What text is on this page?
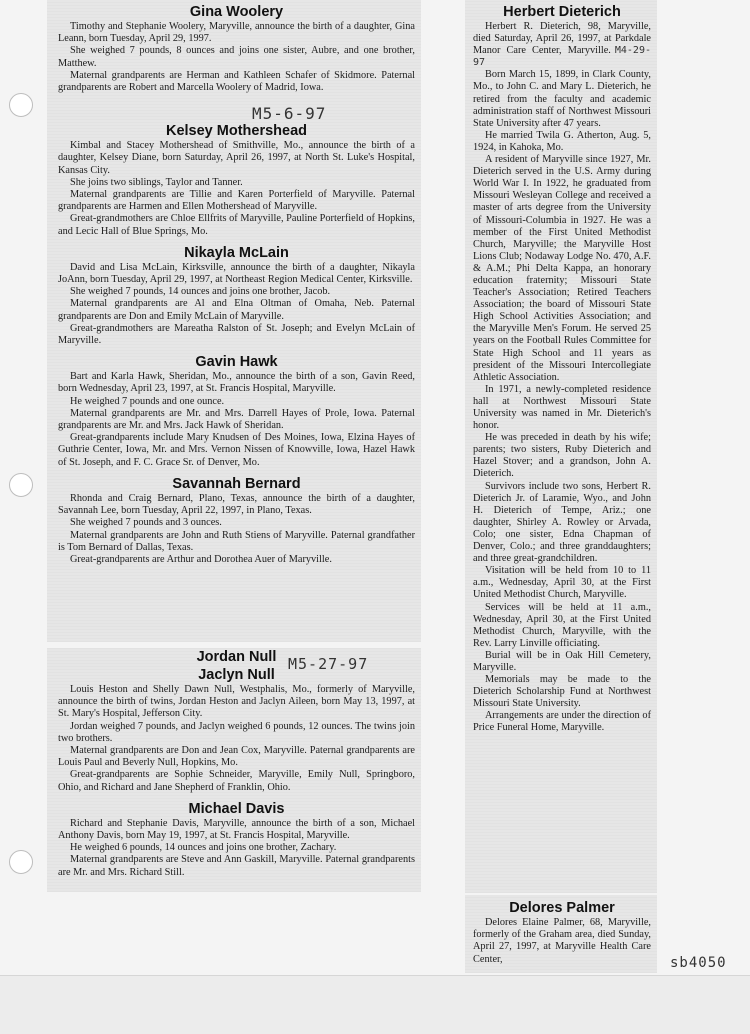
Gina Woolery

Timothy and Stephanie Woolery, Maryville, announce the birth of a daughter, Gina Leann, born Tuesday, April 29, 1997.

She weighed 7 pounds, 8 ounces and joins one sister, Aubre, and one brother, Matthew.

Maternal grandparents are Herman and Kathleen Schafer of Skidmore. Paternal grandparents are Robert and Marcella Woolery of Madrid, Iowa.

Kelsey Mothershead

Kimbal and Stacey Mothershead of Smithville, Mo., announce the birth of a daughter, Kelsey Diane, born Saturday, April 26, 1997, at North St. Luke's Hospital, Kansas City.

She joins two siblings, Taylor and Tanner.

Maternal grandparents are Tillie and Karen Porterfield of Maryville. Paternal grandparents are Harmen and Ellen Mothershead of Maryville.

Great-grandmothers are Chloe Ellfrits of Maryville, Pauline Porterfield of Hopkins, and Lecic Hall of Blue Springs, Mo.

Nikayla McLain

David and Lisa McLain, Kirksville, announce the birth of a daughter, Nikayla JoAnn, born Tuesday, April 29, 1997, at Northeast Region Medical Center, Kirksville.

She weighed 7 pounds, 14 ounces and joins one brother, Jacob.

Maternal grandparents are Al and Elna Oltman of Omaha, Neb. Paternal grandparents are Don and Emily McLain of Maryville.

Great-grandmothers are Mareatha Ralston of St. Joseph; and Evelyn McLain of Maryville.

Gavin Hawk

Bart and Karla Hawk, Sheridan, Mo., announce the birth of a son, Gavin Reed, born Wednesday, April 23, 1997, at St. Francis Hospital, Maryville.

He weighed 7 pounds and one ounce.

Maternal grandparents are Mr. and Mrs. Darrell Hayes of Prole, Iowa. Paternal grandparents are Mr. and Mrs. Jack Hawk of Sheridan.

Great-grandparents include Mary Knudsen of Des Moines, Iowa, Elzina Hayes of Guthrie Center, Iowa, Mr. and Mrs. Vernon Nissen of Knowville, Iowa, Hazel Hawk of St. Joseph, and F. C. Grace Sr. of Denver, Mo.

Savannah Bernard

Rhonda and Craig Bernard, Plano, Texas, announce the birth of a daughter, Savannah Lee, born Tuesday, April 22, 1997, in Plano, Texas.

She weighed 7 pounds and 3 ounces.

Maternal grandparents are John and Ruth Stiens of Maryville. Paternal grandfather is Tom Bernard of Dallas, Texas.

Great-grandparents are Arthur and Dorothea Auer of Maryville.

M5-6-97
Jordan Null
Jaclyn Null

Louis Heston and Shelly Dawn Null, Westphalis, Mo., formerly of Maryville, announce the birth of twins, Jordan Heston and Jaclyn Aileen, born May 13, 1997, at St. Mary's Hospital, Jefferson City.

Jordan weighed 7 pounds, and Jaclyn weighed 6 pounds, 12 ounces. The twins join two brothers.

Maternal grandparents are Don and Jean Cox, Maryville. Paternal grandparents are Louis Paul and Beverly Null, Hopkins, Mo.

Great-grandparents are Sophie Schneider, Maryville, Emily Null, Springboro, Ohio, and Richard and Jane Shepherd of Franklin, Ohio.

Michael Davis

Richard and Stephanie Davis, Maryville, announce the birth of a son, Michael Anthony Davis, born May 19, 1997, at St. Francis Hospital, Maryville.

He weighed 6 pounds, 14 ounces and joins one brother, Zachary.

Maternal grandparents are Steve and Ann Gaskill, Maryville. Paternal grandparents are Mr. and Mrs. Richard Still.

M5-27-97
Herbert Dieterich

Herbert R. Dieterich, 98, Maryville, died Saturday, April 26, 1997, at Parkdale Manor Care Center, Maryville. M4-29-97

Born March 15, 1899, in Clark County, Mo., to John C. and Mary L. Dieterich, he retired from the faculty and academic administration staff of Northwest Missouri State University after 47 years.

He married Twila G. Atherton, Aug. 5, 1924, in Kahoka, Mo.

A resident of Maryville since 1927, Mr. Dieterich served in the U.S. Army during World War I. In 1922, he graduated from Missouri Wesleyan College and received a master of arts degree from the University of Missouri-Columbia in 1927. He was a member of the First United Methodist Church, Maryville; the Maryville Host Lions Club; Nodaway Lodge No. 470, A.F. & A.M.; Phi Delta Kappa, an honorary education fraternity; Missouri State Teacher's Association; Retired Teachers Association; the board of Missouri State High School Activities Association; and the Maryville Men's Forum. He served 25 years on the Football Rules Committee for State High School and 11 years as president of the Missouri Intercollegiate Athletic Association.

In 1971, a newly-completed residence hall at Northwest Missouri State University was named in Mr. Dieterich's honor.

He was preceded in death by his wife; parents; two sisters, Ruby Dieterich and Hazel Stover; and a grandson, John A. Dieterich.

Survivors include two sons, Herbert R. Dieterich Jr. of Laramie, Wyo., and John H. Dieterich of Tempe, Ariz.; one daughter, Shirley A. Rowley or Arvada, Colo; one sister, Edna Chapman of Denver, Colo.; and three granddaughters; and three great-grandchildren.

Visitation will be held from 10 to 11 a.m., Wednesday, April 30, at the First United Methodist Church, Maryville.

Services will be held at 11 a.m., Wednesday, April 30, at the First United Methodist Church, Maryville, with the Rev. Larry Linville officiating.

Burial will be in Oak Hill Cemetery, Maryville.

Memorials may be made to the Dieterich Scholarship Fund at Northwest Missouri State University.

Arrangements are under the direction of Price Funeral Home, Maryville.

Delores Palmer

Delores Elaine Palmer, 68, Maryville, formerly of the Graham area, died Sunday, April 27, 1997, at Maryville Health Care Center,	sb4050
